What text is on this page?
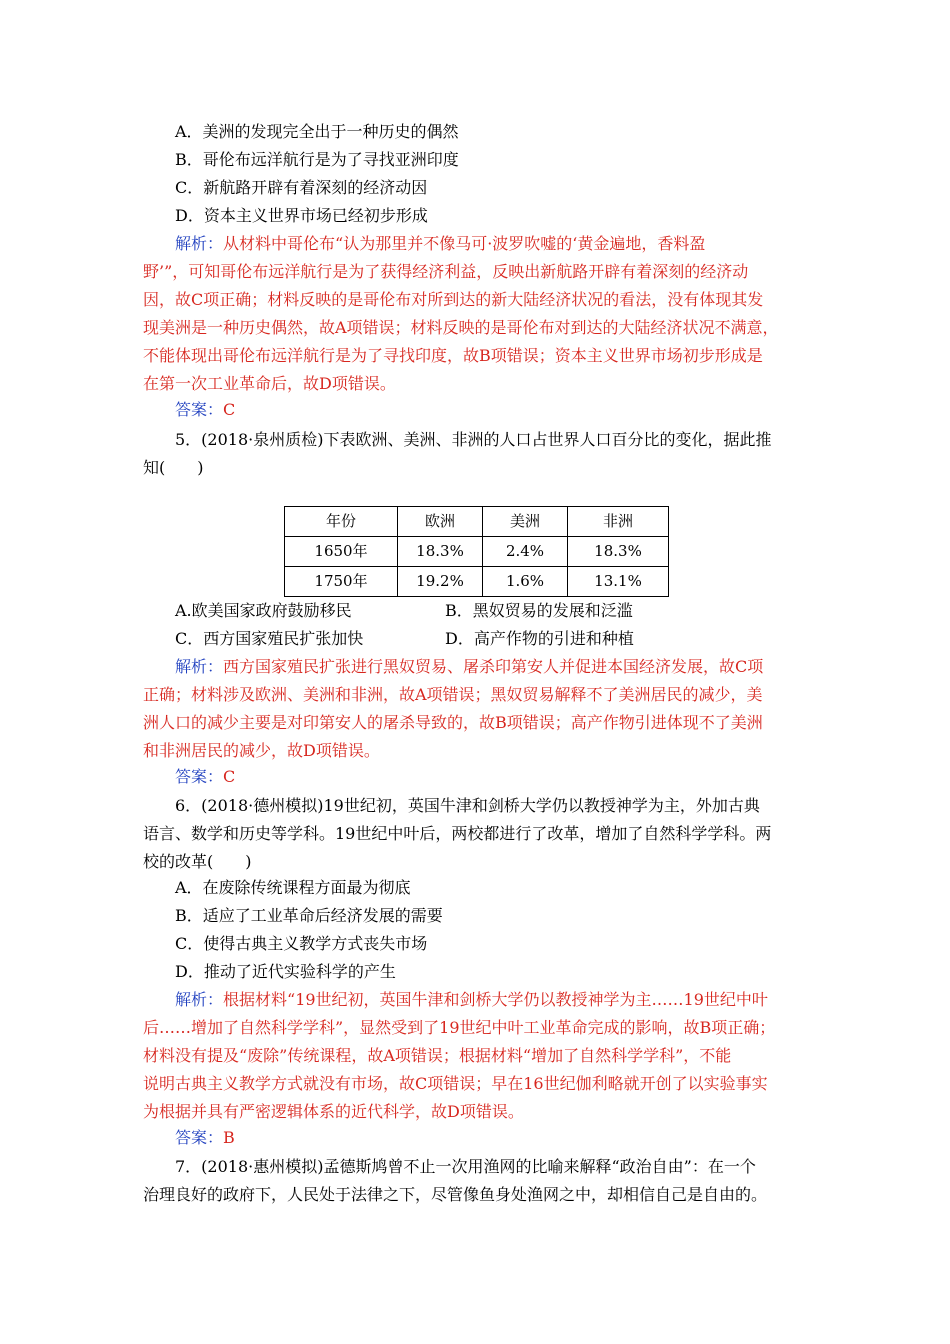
A．美洲的发现完全出于一种历史的偶然
B．哥伦布远洋航行是为了寻找亚洲印度
C．新航路开辟有着深刻的经济动因
D．资本主义世界市场已经初步形成
解析：从材料中哥伦布“认为那里并不像马可·波罗吹嘘的‘黄金遍地，香料盈
野’”，可知哥伦布远洋航行是为了获得经济利益，反映出新航路开辟有着深刻的经济动
因，故C项正确；材料反映的是哥伦布对所到达的新大陆经济状况的看法，没有体现其发
现美洲是一种历史偶然，故A项错误；材料反映的是哥伦布对到达的大陆经济状况不满意，
不能体现出哥伦布远洋航行是为了寻找印度，故B项错误；资本主义世界市场初步形成是
在第一次工业革命后，故D项错误。
答案：C
5．(2018·泉州质检)下表欧洲、美洲、非洲的人口占世界人口百分比的变化，据此推
知(　　)
年份	欧洲	美洲	非洲
1650年	18.3%	2.4%	18.3%
1750年	19.2%	1.6%	13.1%
A.欧美国家政府鼓励移民	B．黑奴贸易的发展和泛滥
C．西方国家殖民扩张加快	D．高产作物的引进和种植
解析：西方国家殖民扩张进行黑奴贸易、屠杀印第安人并促进本国经济发展，故C项
正确；材料涉及欧洲、美洲和非洲，故A项错误；黑奴贸易解释不了美洲居民的减少，美
洲人口的减少主要是对印第安人的屠杀导致的，故B项错误；高产作物引进体现不了美洲
和非洲居民的减少，故D项错误。
答案：C
6．(2018·德州模拟)19世纪初，英国牛津和剑桥大学仍以教授神学为主，外加古典
语言、数学和历史等学科。19世纪中叶后，两校都进行了改革，增加了自然科学学科。两
校的改革(　　)
A．在废除传统课程方面最为彻底
B．适应了工业革命后经济发展的需要
C．使得古典主义教学方式丧失市场
D．推动了近代实验科学的产生
解析：根据材料“19世纪初，英国牛津和剑桥大学仍以教授神学为主……19世纪中叶
后……增加了自然科学学科”，显然受到了19世纪中叶工业革命完成的影响，故B项正确；
材料没有提及“废除”传统课程，故A项错误；根据材料“增加了自然科学学科”，不能
说明古典主义教学方式就没有市场，故C项错误；早在16世纪伽利略就开创了以实验事实
为根据并具有严密逻辑体系的近代科学，故D项错误。
答案：B
7．(2018·惠州模拟)孟德斯鸠曾不止一次用渔网的比喻来解释“政治自由”：在一个
治理良好的政府下，人民处于法律之下，尽管像鱼身处渔网之中，却相信自己是自由的。
